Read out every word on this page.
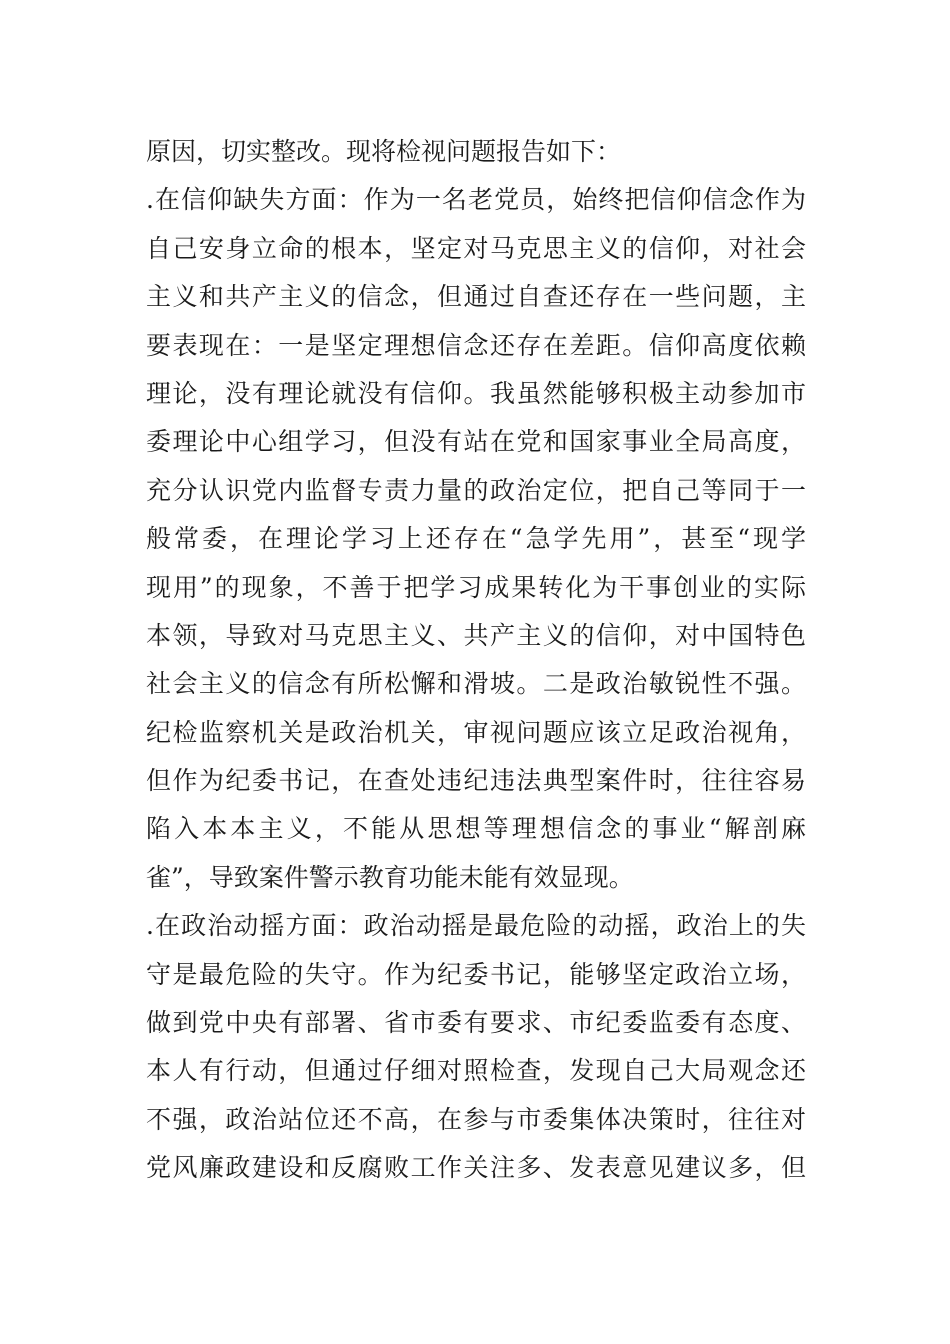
原因，切实整改。现将检视问题报告如下：
.在信仰缺失方面：作为一名老党员，始终把信仰信念作为
自己安身立命的根本，坚定对马克思主义的信仰，对社会
主义和共产主义的信念，但通过自查还存在一些问题，主
要表现在：一是坚定理想信念还存在差距。信仰高度依赖
理论，没有理论就没有信仰。我虽然能够积极主动参加市
委理论中心组学习，但没有站在党和国家事业全局高度，
充分认识党内监督专责力量的政治定位，把自己等同于一
般常委，在理论学习上还存在“急学先用”，甚至“现学
现用”的现象，不善于把学习成果转化为干事创业的实际
本领，导致对马克思主义、共产主义的信仰，对中国特色
社会主义的信念有所松懈和滑坡。二是政治敏锐性不强。
纪检监察机关是政治机关，审视问题应该立足政治视角，
但作为纪委书记，在查处违纪违法典型案件时，往往容易
陷入本本主义，不能从思想等理想信念的事业“解剖麻
雀”，导致案件警示教育功能未能有效显现。
.在政治动摇方面：政治动摇是最危险的动摇，政治上的失
守是最危险的失守。作为纪委书记，能够坚定政治立场，
做到党中央有部署、省市委有要求、市纪委监委有态度、
本人有行动，但通过仔细对照检查，发现自己大局观念还
不强，政治站位还不高，在参与市委集体决策时，往往对
党风廉政建设和反腐败工作关注多、发表意见建议多，但
